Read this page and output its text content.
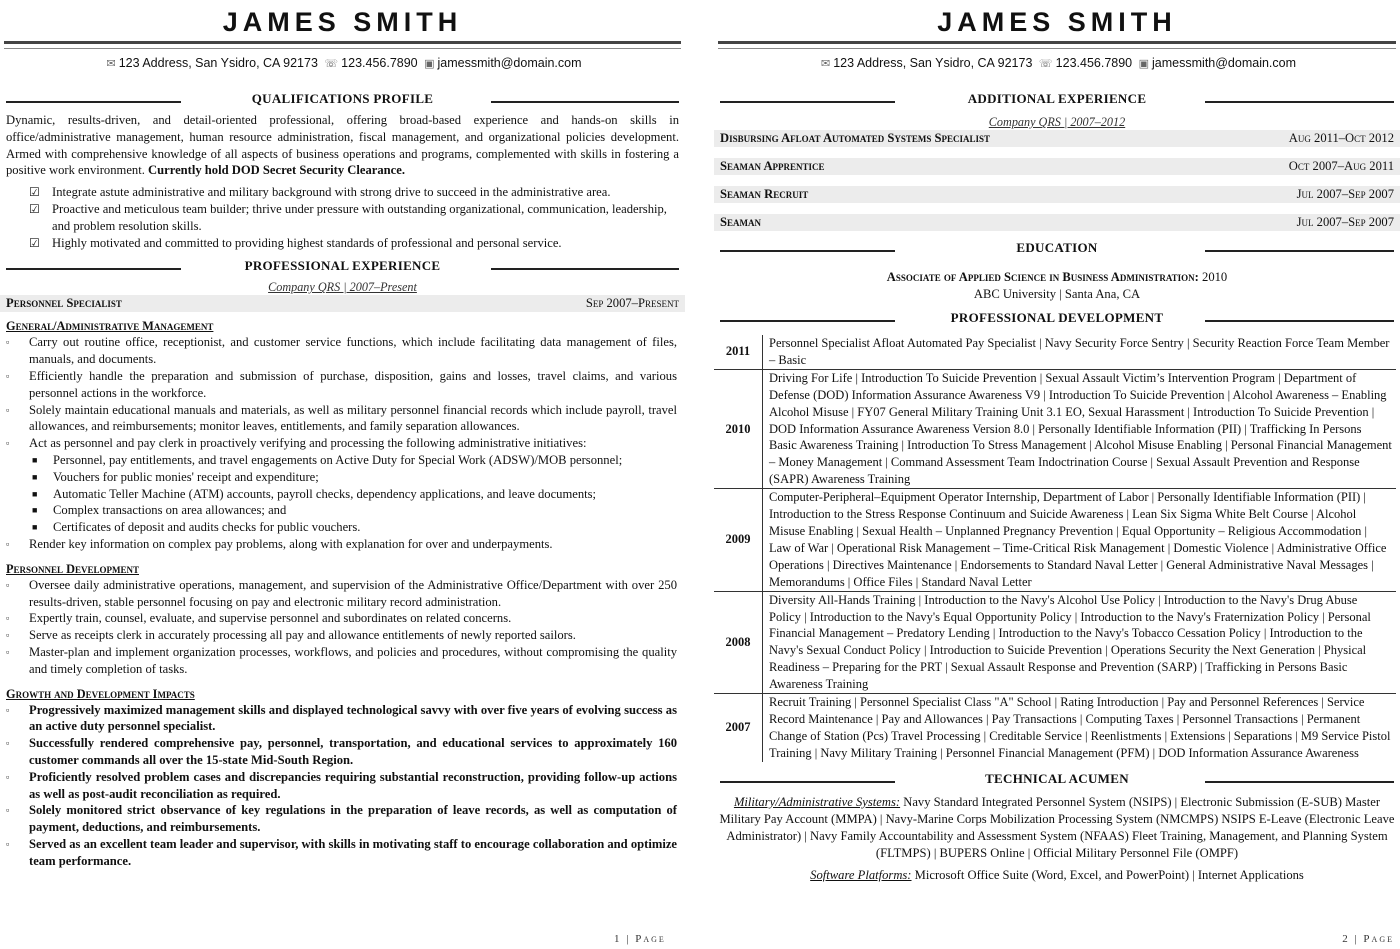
JAMES SMITH
✉ 123 Address, San Ysidro, CA 92173 ☏ 123.456.7890 ▣ jamessmith@domain.com
QUALIFICATIONS PROFILE

Dynamic, results-driven, and detail-oriented professional, offering broad-based experience and hands-on skills in office/administrative management, human resource administration, fiscal management, and organizational policies development. Armed with comprehensive knowledge of all aspects of business operations and programs, complemented with skills in fostering a positive work environment. Currently hold DOD Secret Security Clearance.

☑ Integrate astute administrative and military background with strong drive to succeed in the administrative area.
☑ Proactive and meticulous team builder; thrive under pressure with outstanding organizational, communication, leadership, and problem resolution skills.
☑ Highly motivated and committed to providing highest standards of professional and personal service.
PROFESSIONAL EXPERIENCE
Company QRS | 2007–Present
Personnel Specialist	Sep 2007–Present
General/Administrative Management
▫ Carry out routine office, receptionist, and customer service functions, which include facilitating data management of files, manuals, and documents.
▫ Efficiently handle the preparation and submission of purchase, disposition, gains and losses, travel claims, and various personnel actions in the workforce.
▫ Solely maintain educational manuals and materials, as well as military personnel financial records which include payroll, travel allowances, and reimbursements; monitor leaves, entitlements, and family separation allowances.
▫ Act as personnel and pay clerk in proactively verifying and processing the following administrative initiatives:
■ Personnel, pay entitlements, and travel engagements on Active Duty for Special Work (ADSW)/MOB personnel;
■ Vouchers for public monies' receipt and expenditure;
■ Automatic Teller Machine (ATM) accounts, payroll checks, dependency applications, and leave documents;
■ Complex transactions on area allowances; and
■ Certificates of deposit and audits checks for public vouchers.
▫ Render key information on complex pay problems, along with explanation for over and underpayments.
Personnel Development
▫ Oversee daily administrative operations, management, and supervision of the Administrative Office/Department with over 250 results-driven, stable personnel focusing on pay and electronic military record administration.
▫ Expertly train, counsel, evaluate, and supervise personnel and subordinates on related concerns.
▫ Serve as receipts clerk in accurately processing all pay and allowance entitlements of newly reported sailors.
▫ Master-plan and implement organization processes, workflows, and policies and procedures, without compromising the quality and timely completion of tasks.
Growth and Development Impacts
▫ Progressively maximized management skills and displayed technological savvy with over five years of evolving success as an active duty personnel specialist.
▫ Successfully rendered comprehensive pay, personnel, transportation, and educational services to approximately 160 customer commands all over the 15-state Mid-South Region.
▫ Proficiently resolved problem cases and discrepancies requiring substantial reconstruction, providing follow-up actions as well as post-audit reconciliation as required.
▫ Solely monitored strict observance of key regulations in the preparation of leave records, as well as computation of payment, deductions, and reimbursements.
▫ Served as an excellent team leader and supervisor, with skills in motivating staff to encourage collaboration and optimize team performance.
1 | Page
JAMES SMITH
✉ 123 Address, San Ysidro, CA 92173 ☏ 123.456.7890 ▣ jamessmith@domain.com
ADDITIONAL EXPERIENCE
Company QRS | 2007–2012
Disbursing Afloat Automated Systems Specialist	Aug 2011–Oct 2012
Seaman Apprentice	Oct 2007–Aug 2011
Seaman Recruit	Jul 2007–Sep 2007
Seaman	Jul 2007–Sep 2007
EDUCATION
Associate of Applied Science in Business Administration: 2010
ABC University | Santa Ana, CA
PROFESSIONAL DEVELOPMENT
2011	Personnel Specialist Afloat Automated Pay Specialist | Navy Security Force Sentry | Security Reaction Force Team Member – Basic
2010	Driving For Life | Introduction To Suicide Prevention | Sexual Assault Victim’s Intervention Program | Department of Defense (DOD) Information Assurance Awareness V9 | Introduction To Suicide Prevention | Alcohol Awareness – Enabling Alcohol Misuse | FY07 General Military Training Unit 3.1 EO, Sexual Harassment | Introduction To Suicide Prevention | DOD Information Assurance Awareness Version 8.0 | Personally Identifiable Information (PII) | Trafficking In Persons Basic Awareness Training | Introduction To Stress Management | Alcohol Misuse Enabling | Personal Financial Management – Money Management | Command Assessment Team Indoctrination Course | Sexual Assault Prevention and Response (SAPR) Awareness Training
2009	Computer-Peripheral–Equipment Operator Internship, Department of Labor | Personally Identifiable Information (PII) | Introduction to the Stress Response Continuum and Suicide Awareness | Lean Six Sigma White Belt Course | Alcohol Misuse Enabling | Sexual Health – Unplanned Pregnancy Prevention | Equal Opportunity – Religious Accommodation | Law of War | Operational Risk Management – Time-Critical Risk Management | Domestic Violence | Administrative Office Operations | Directives Maintenance | Endorsements to Standard Naval Letter | General Administrative Naval Messages | Memorandums | Office Files | Standard Naval Letter
2008	Diversity All-Hands Training | Introduction to the Navy's Alcohol Use Policy | Introduction to the Navy's Drug Abuse Policy | Introduction to the Navy's Equal Opportunity Policy | Introduction to the Navy's Fraternization Policy | Personal Financial Management – Predatory Lending | Introduction to the Navy's Tobacco Cessation Policy | Introduction to the Navy's Sexual Conduct Policy | Introduction to Suicide Prevention | Operations Security the Next Generation | Physical Readiness – Preparing for the PRT | Sexual Assault Response and Prevention (SARP) | Trafficking in Persons Basic Awareness Training
2007	Recruit Training | Personnel Specialist Class "A" School | Rating Introduction | Pay and Personnel References | Service Record Maintenance | Pay and Allowances | Pay Transactions | Computing Taxes | Personnel Transactions | Permanent Change of Station (Pcs) Travel Processing | Creditable Service | Reenlistments | Extensions | Separations | M9 Service Pistol Training | Navy Military Training | Personnel Financial Management (PFM) | DOD Information Assurance Awareness
TECHNICAL ACUMEN
Military/Administrative Systems: Navy Standard Integrated Personnel System (NSIPS) | Electronic Submission (E-SUB) Master Military Pay Account (MMPA) | Navy-Marine Corps Mobilization Processing System (NMCMPS) NSIPS E-Leave (Electronic Leave Administrator) | Navy Family Accountability and Assessment System (NFAAS) Fleet Training, Management, and Planning System (FLTMPS) | BUPERS Online | Official Military Personnel File (OMPF)
Software Platforms: Microsoft Office Suite (Word, Excel, and PowerPoint) | Internet Applications
2 | Page
